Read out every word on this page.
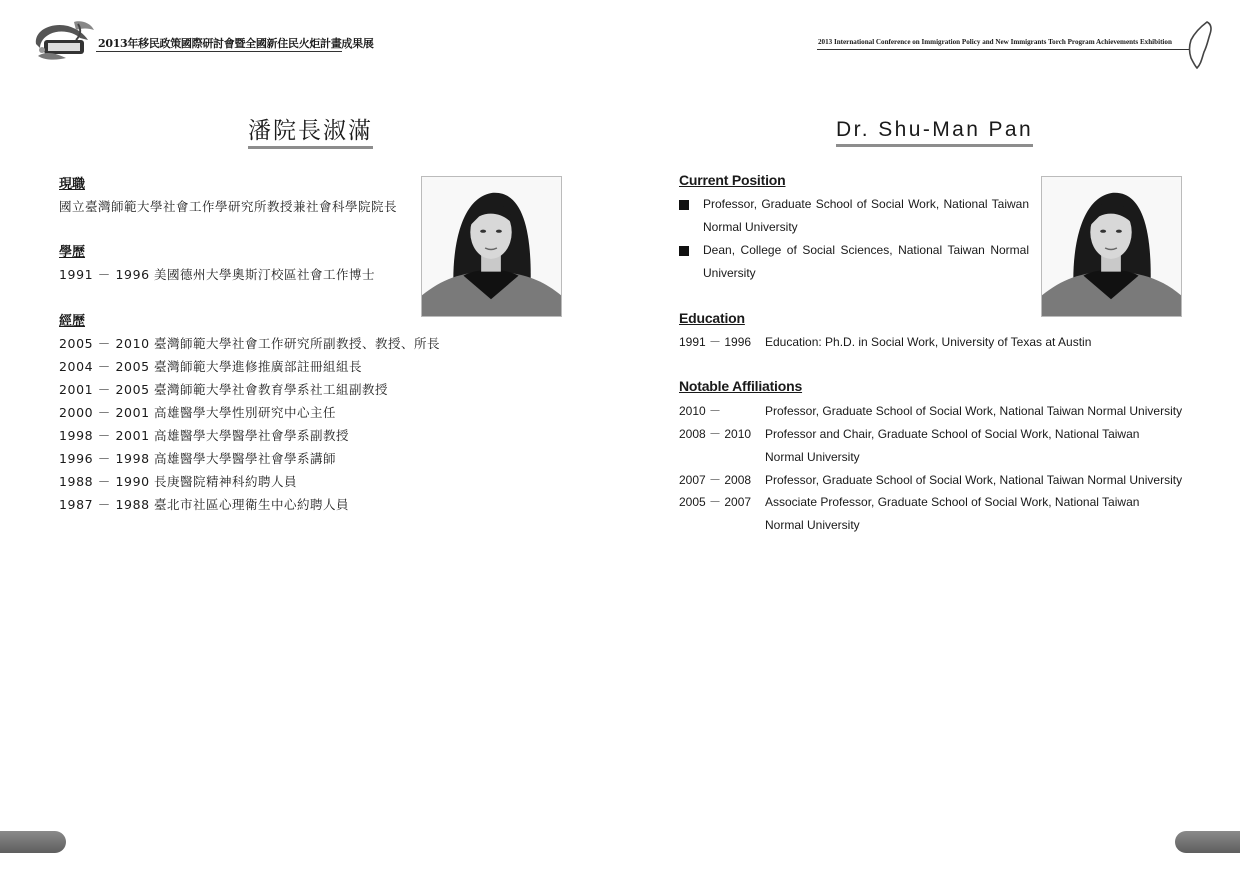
2013年移民政策國際研討會暨全國新住民火炬計畫成果展	2013 International Conference on Immigration Policy and New Immigrants Torch Program Achievements Exhibition
潘院長淑滿	Dr. Shu-Man Pan
現職
國立臺灣師範大學社會工作學研究所教授兼社會科學院院長
學歷
1991 － 1996 美國德州大學奧斯汀校區社會工作博士
經歷
2005 － 2010 臺灣師範大學社會工作研究所副教授、教授、所長
2004 － 2005 臺灣師範大學進修推廣部註冊組組長
2001 － 2005 臺灣師範大學社會教育學系社工組副教授
2000 － 2001 高雄醫學大學性別研究中心主任
1998 － 2001 高雄醫學大學醫學社會學系副教授
1996 － 1998 高雄醫學大學醫學社會學系講師
1988 － 1990 長庚醫院精神科約聘人員
1987 － 1988 臺北市社區心理衛生中心約聘人員
Current Position
Professor, Graduate School of Social Work, National Taiwan Normal University
Dean, College of Social Sciences, National Taiwan Normal University
Education
1991 － 1996 Education: Ph.D. in Social Work, University of Texas at Austin
Notable Affiliations
2010 －	Professor, Graduate School of Social Work, National Taiwan Normal University
2008 － 2010 Professor and Chair, Graduate School of Social Work, National Taiwan Normal University
2007 － 2008 Professor, Graduate School of Social Work, National Taiwan Normal University
2005 － 2007 Associate Professor, Graduate School of Social Work, National Taiwan Normal University
